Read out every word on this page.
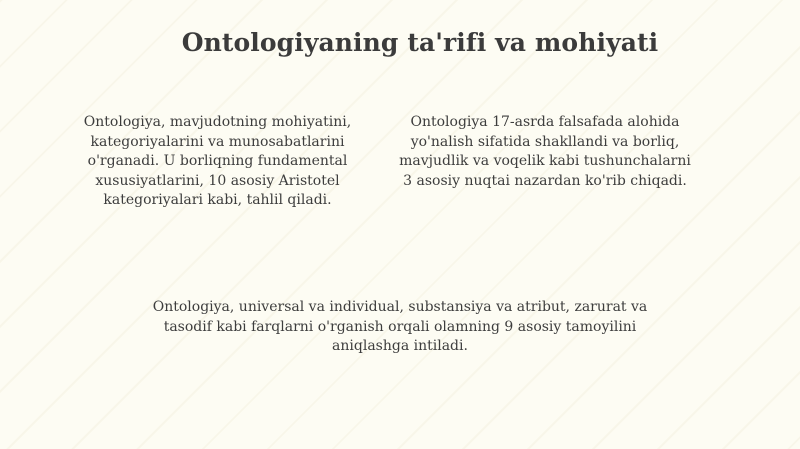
Ontologiyaning ta'rifi va mohiyati
Ontologiya, mavjudotning mohiyatini, kategoriyalarini va munosabatlarini o'rganadi. U borliqning fundamental xususiyatlarini, 10 asosiy Aristotel kategoriyalari kabi, tahlil qiladi.
Ontologiya 17-asrda falsafada alohida yo'nalish sifatida shakllandi va borliq, mavjudlik va voqelik kabi tushunchalarni 3 asosiy nuqtai nazardan ko'rib chiqadi.
Ontologiya, universal va individual, substansiya va atribut, zarurat va tasodif kabi farqlarni o'rganish orqali olamning 9 asosiy tamoyilini aniqlashga intiladi.
